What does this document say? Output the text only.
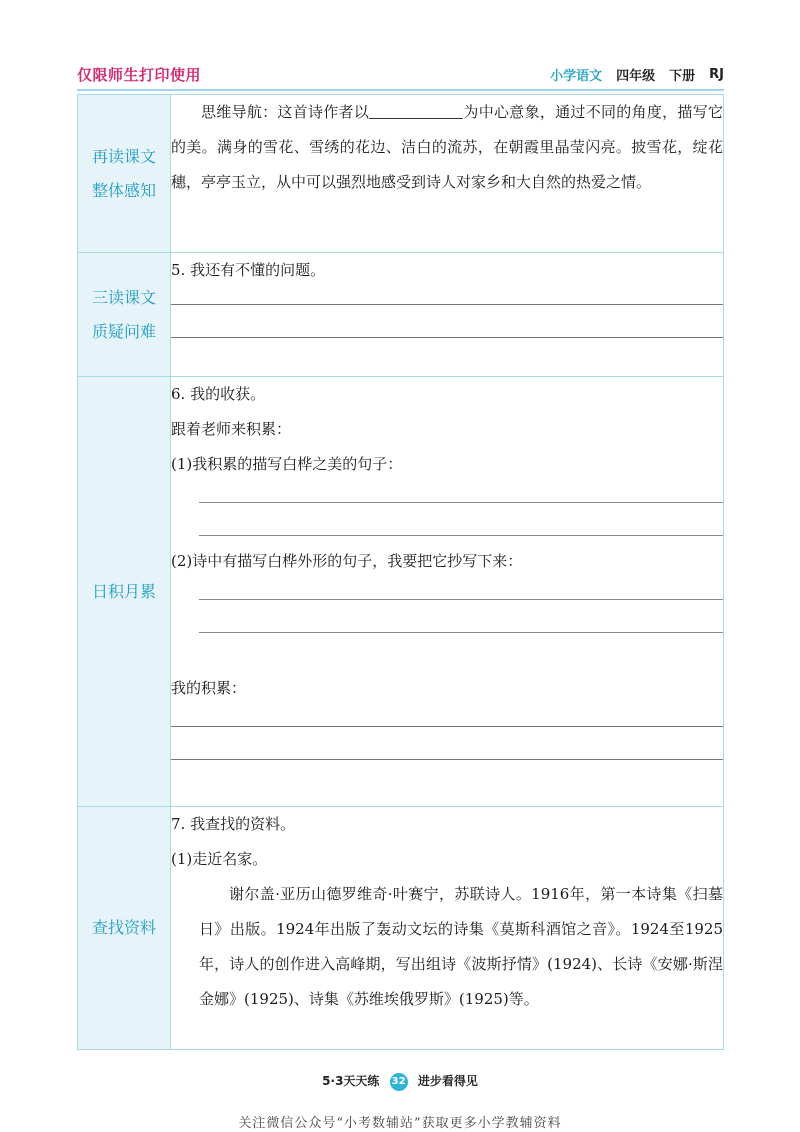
仅限师生打印使用	小学语文 四年级 下册 RJ
再读课文
整体感知	思维导航：这首诗作者以 为中心意象，通过不同的角度，描写它的美。满身的雪花、雪绣的花边、洁白的流苏，在朝霞里晶莹闪亮。披雪花，绽花穗，亭亭玉立，从中可以强烈地感受到诗人对家乡和大自然的热爱之情。

三读课文
质疑问难	5. 我还有不懂的问题。

日积月累	6. 我的收获。
跟着老师来积累：
(1)我积累的描写白桦之美的句子：
(2)诗中有描写白桦外形的句子，我要把它抄写下来：
我的积累：

查找资料	7. 我查找的资料。
(1)走近名家。
谢尔盖·亚历山德罗维奇·叶赛宁，苏联诗人。1916年，第一本诗集《扫墓日》出版。1924年出版了轰动文坛的诗集《莫斯科酒馆之音》。1924至1925年，诗人的创作进入高峰期，写出组诗《波斯抒情》(1924)、长诗《安娜·斯涅金娜》(1925)、诗集《苏维埃俄罗斯》(1925)等。
5·3天天练 32 进步看得见
关注微信公众号“小考数辅站”获取更多小学教辅资料
